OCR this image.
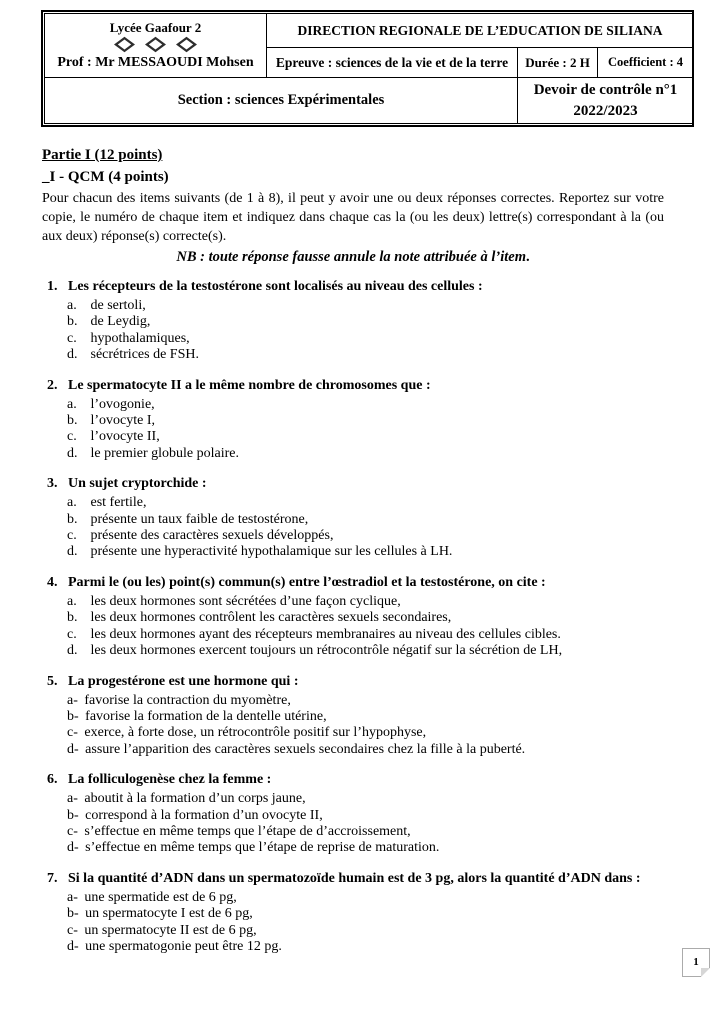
Lycée Gaafour 2
Prof : Mr MESSAOUDI Mohsen	DIRECTION REGIONALE DE L’EDUCATION DE SILIANA		
	Epreuve : sciences de la vie et de la terre	Durée : 2 H	Coefficient : 4
Section : sciences Expérimentales		Devoir de contrôle n°1
2022/2023	
Partie I (12 points)
_I - QCM (4 points)

Pour chacun des items suivants (de 1 à 8), il peut y avoir une ou deux réponses correctes. Reportez sur votre copie, le numéro de chaque item et indiquez dans chaque cas la (ou les deux) lettre(s) correspondant à la (ou aux deux) réponse(s) correcte(s).

NB : toute réponse fausse annule la note attribuée à l’item.

1. Les récepteurs de la testostérone sont localisés au niveau des cellules :
a. de sertoli,
b. de Leydig,
c. hypothalamiques,
d. sécrétrices de FSH.
2. Le spermatocyte II a le même nombre de chromosomes que :
a. l’ovogonie,
b. l’ovocyte I,
c. l’ovocyte II,
d. le premier globule polaire.
3. Un sujet cryptorchide :
a. est fertile,
b. présente un taux faible de testostérone,
c. présente des caractères sexuels développés,
d. présente une hyperactivité hypothalamique sur les cellules à LH.
4. Parmi le (ou les) point(s) commun(s) entre l’œstradiol et la testostérone, on cite :
a. les deux hormones sont sécrétées d’une façon cyclique,
b. les deux hormones contrôlent les caractères sexuels secondaires,
c. les deux hormones ayant des récepteurs membranaires au niveau des cellules cibles.
d. les deux hormones exercent toujours un rétrocontrôle négatif sur la sécrétion de LH,
5. La progestérone est une hormone qui :
a- favorise la contraction du myomètre,
b- favorise la formation de la dentelle utérine,
c- exerce, à forte dose, un rétrocontrôle positif sur l’hypophyse,
d- assure l’apparition des caractères sexuels secondaires chez la fille à la puberté.
6. La folliculogenèse chez la femme :
a- aboutit à la formation d’un corps jaune,
b- correspond à la formation d’un ovocyte II,
c- s’effectue en même temps que l’étape de d’accroissement,
d- s’effectue en même temps que l’étape de reprise de maturation.
7. Si la quantité d’ADN dans un spermatozoïde humain est de 3 pg, alors la quantité d’ADN dans :
a- une spermatide est de 6 pg,
b- un spermatocyte I est de 6 pg,
c- un spermatocyte II est de 6 pg,
d- une spermatogonie peut être 12 pg.
1
